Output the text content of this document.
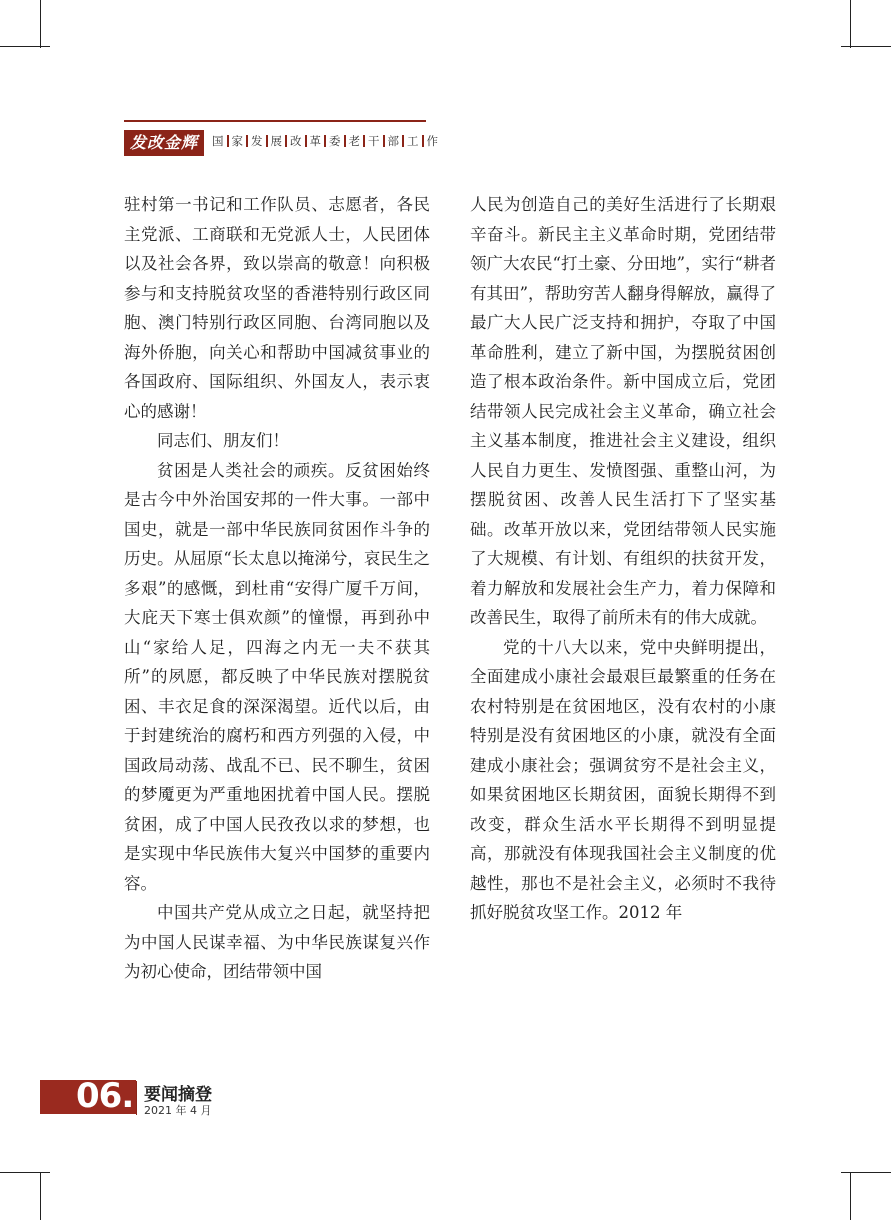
发改金辉	国 家 发 展 改 革 委 老 干 部 工 作

驻村第一书记和工作队员、志愿者，各民主党派、工商联和无党派人士，人民团体以及社会各界，致以崇高的敬意！向积极参与和支持脱贫攻坚的香港特别行政区同胞、澳门特别行政区同胞、台湾同胞以及海外侨胞，向关心和帮助中国减贫事业的各国政府、国际组织、外国友人，表示衷心的感谢！

同志们、朋友们！

贫困是人类社会的顽疾。反贫困始终是古今中外治国安邦的一件大事。一部中国史，就是一部中华民族同贫困作斗争的历史。从屈原“长太息以掩涕兮，哀民生之多艰”的感慨，到杜甫“安得广厦千万间，大庇天下寒士俱欢颜”的憧憬，再到孙中山“家给人足，四海之内无一夫不获其所”的夙愿，都反映了中华民族对摆脱贫困、丰衣足食的深深渴望。近代以后，由于封建统治的腐朽和西方列强的入侵，中国政局动荡、战乱不已、民不聊生，贫困的梦魇更为严重地困扰着中国人民。摆脱贫困，成了中国人民孜孜以求的梦想，也是实现中华民族伟大复兴中国梦的重要内容。

中国共产党从成立之日起，就坚持把为中国人民谋幸福、为中华民族谋复兴作为初心使命，团结带领中国

人民为创造自己的美好生活进行了长期艰辛奋斗。新民主主义革命时期，党团结带领广大农民“打土豪、分田地”，实行“耕者有其田”，帮助穷苦人翻身得解放，赢得了最广大人民广泛支持和拥护，夺取了中国革命胜利，建立了新中国，为摆脱贫困创造了根本政治条件。新中国成立后，党团结带领人民完成社会主义革命，确立社会主义基本制度，推进社会主义建设，组织人民自力更生、发愤图强、重整山河，为摆脱贫困、改善人民生活打下了坚实基础。改革开放以来，党团结带领人民实施了大规模、有计划、有组织的扶贫开发，着力解放和发展社会生产力，着力保障和改善民生，取得了前所未有的伟大成就。

党的十八大以来，党中央鲜明提出，全面建成小康社会最艰巨最繁重的任务在农村特别是在贫困地区，没有农村的小康特别是没有贫困地区的小康，就没有全面建成小康社会；强调贫穷不是社会主义，如果贫困地区长期贫困，面貌长期得不到改变，群众生活水平长期得不到明显提高，那就没有体现我国社会主义制度的优越性，那也不是社会主义，必须时不我待抓好脱贫攻坚工作。2012 年

06. 要闻摘登
2021 年 4 月
